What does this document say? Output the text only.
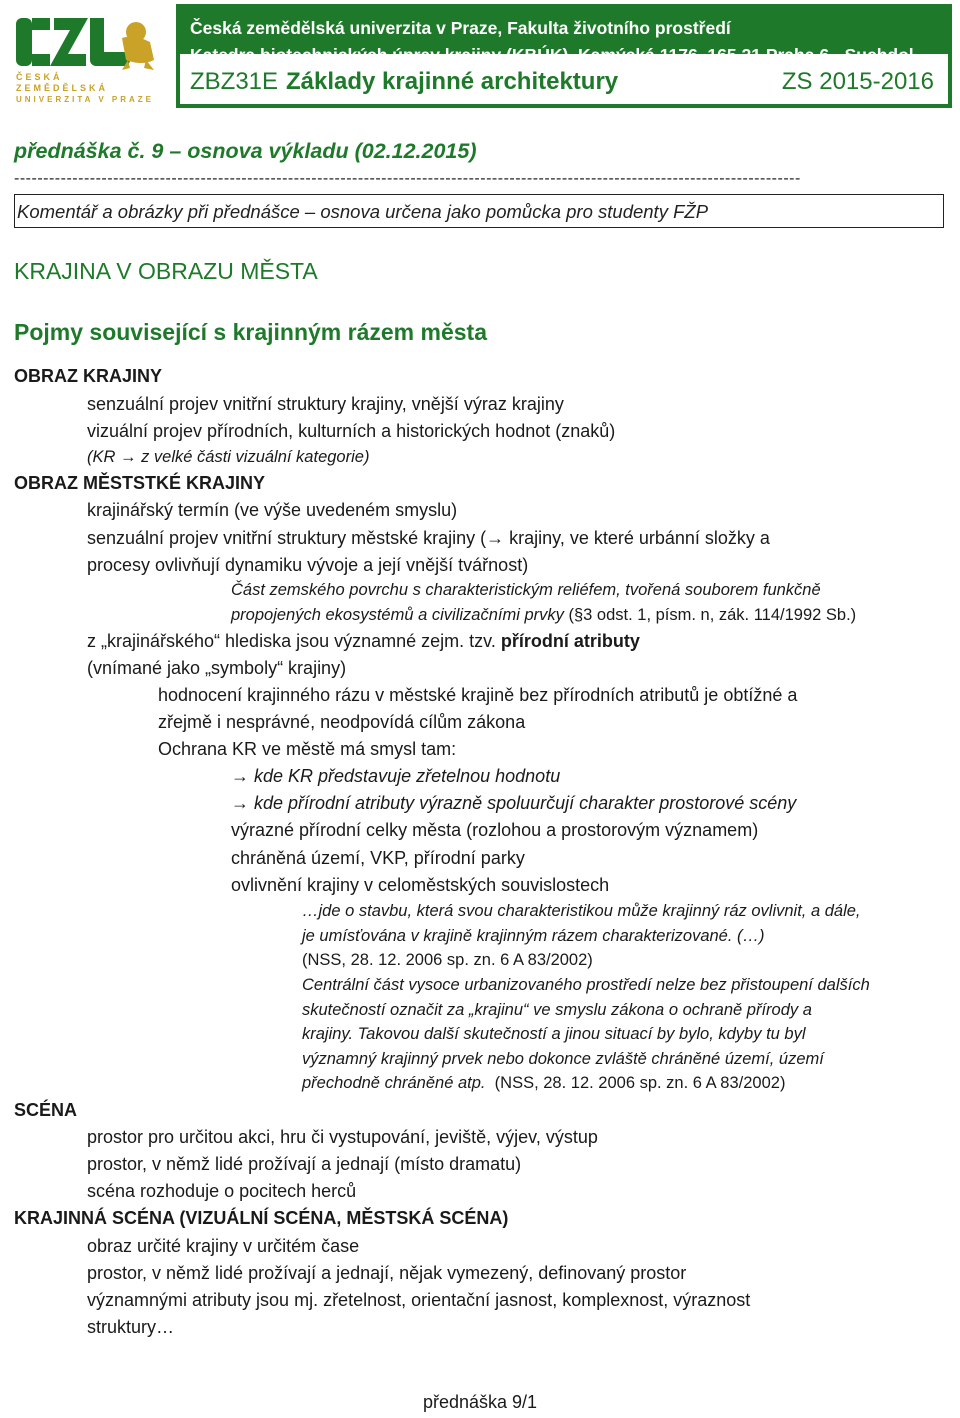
ČESKÁ
ZEMĚDĚLSKÁ
UNIVERZITA V PRAZE
Česká zemědělská univerzita v Praze, Fakulta životního prostředí
ZBZ31E Základy krajinné architektury	ZS 2015-2016
přednáška č. 9 – osnova výkladu (02.12.2015)
---------------------------------------------------------------------------------------------------------------------------------------
Komentář a obrázky při přednášce – osnova určena jako pomůcka pro studenty FŽP
KRAJINA V OBRAZU MĚSTA
Pojmy související s krajinným rázem města
OBRAZ KRAJINY
senzuální projev vnitřní struktury krajiny, vnější výraz krajiny
vizuální projev přírodních, kulturních a historických hodnot (znaků)
(KR → z velké části vizuální kategorie)
OBRAZ MĚSTSTKÉ KRAJINY
krajinářský termín (ve výše uvedeném smyslu)
senzuální projev vnitřní struktury městské krajiny (→ krajiny, ve které urbánní složky a
procesy ovlivňují dynamiku vývoje a její vnější tvářnost)
Část zemského povrchu s charakteristickým reliéfem, tvořená souborem funkčně
propojených ekosystémů a civilizačními prvky (§3 odst. 1, písm. n, zák. 114/1992 Sb.)
z „krajinářského“ hlediska jsou významné zejm. tzv. přírodní atributy
(vnímané jako „symboly“ krajiny)
hodnocení krajinného rázu v městské krajině bez přírodních atributů je obtížné a
zřejmě i nesprávné, neodpovídá cílům zákona
Ochrana KR ve městě má smysl tam:
→ kde KR představuje zřetelnou hodnotu
→ kde přírodní atributy výrazně spoluurčují charakter prostorové scény
výrazné přírodní celky města (rozlohou a prostorovým významem)
chráněná území, VKP, přírodní parky
ovlivnění krajiny v celoměstských souvislostech
…jde o stavbu, která svou charakteristikou může krajinný ráz ovlivnit, a dále,
je umísťována v krajině krajinným rázem charakterizované. (…)
(NSS, 28. 12. 2006 sp. zn. 6 A 83/2002)
Centrální část vysoce urbanizovaného prostředí nelze bez přistoupení dalších
skutečností označit za „krajinu“ ve smyslu zákona o ochraně přírody a
krajiny. Takovou další skutečností a jinou situací by bylo, kdyby tu byl
významný krajinný prvek nebo dokonce zvláště chráněné území, území
přechodně chráněné atp.  (NSS, 28. 12. 2006 sp. zn. 6 A 83/2002)
SCÉNA
prostor pro určitou akci, hru či vystupování, jeviště, výjev, výstup
prostor, v němž lidé prožívají a jednají (místo dramatu)
scéna rozhoduje o pocitech herců
KRAJINNÁ SCÉNA (VIZUÁLNÍ SCÉNA, MĚSTSKÁ SCÉNA)
obraz určité krajiny v určitém čase
prostor, v němž lidé prožívají a jednají, nějak vymezený, definovaný prostor
významnými atributy jsou mj. zřetelnost, orientační jasnost, komplexnost, výraznost
struktury…
přednáška 9/1
